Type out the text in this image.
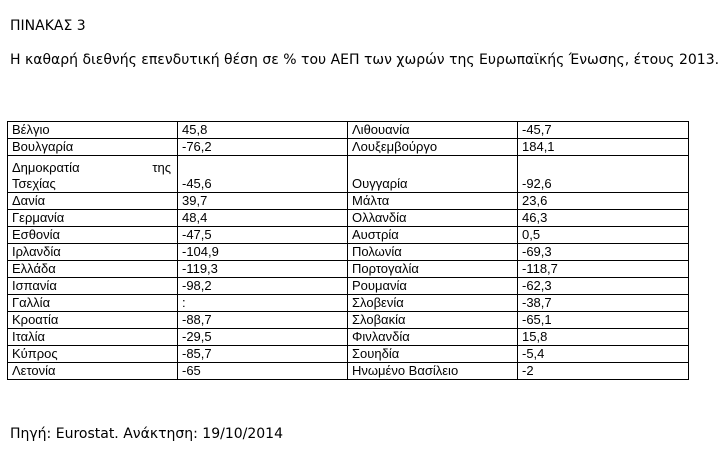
ΠΙΝΑΚΑΣ 3
Η καθαρή διεθνής επενδυτική θέση σε % του ΑΕΠ των χωρών της Ευρωπαϊκής Ένωσης, έτους 2013.
Βέλγιο	45,8	Λιθουανία	-45,7
Βουλγαρία	-76,2	Λουξεμβούργο	184,1

Δημοκρατία της
Τσεχίας	-45,6	Ουγγαρία	-92,6
Δανία	39,7	Μάλτα	23,6
Γερμανία	48,4	Ολλανδία	46,3
Εσθονία	-47,5	Αυστρία	0,5
Ιρλανδία	-104,9	Πολωνία	-69,3
Ελλάδα	-119,3	Πορτογαλία	-118,7
Ισπανία	-98,2	Ρουμανία	-62,3
Γαλλία	:	Σλοβενία	-38,7
Κροατία	-88,7	Σλοβακία	-65,1
Ιταλία	-29,5	Φινλανδία	15,8
Κύπρος	-85,7	Σουηδία	-5,4
Λετονία	-65	Ηνωμένο Βασίλειο	-2
Πηγή: Eurostat. Ανάκτηση: 19/10/2014
